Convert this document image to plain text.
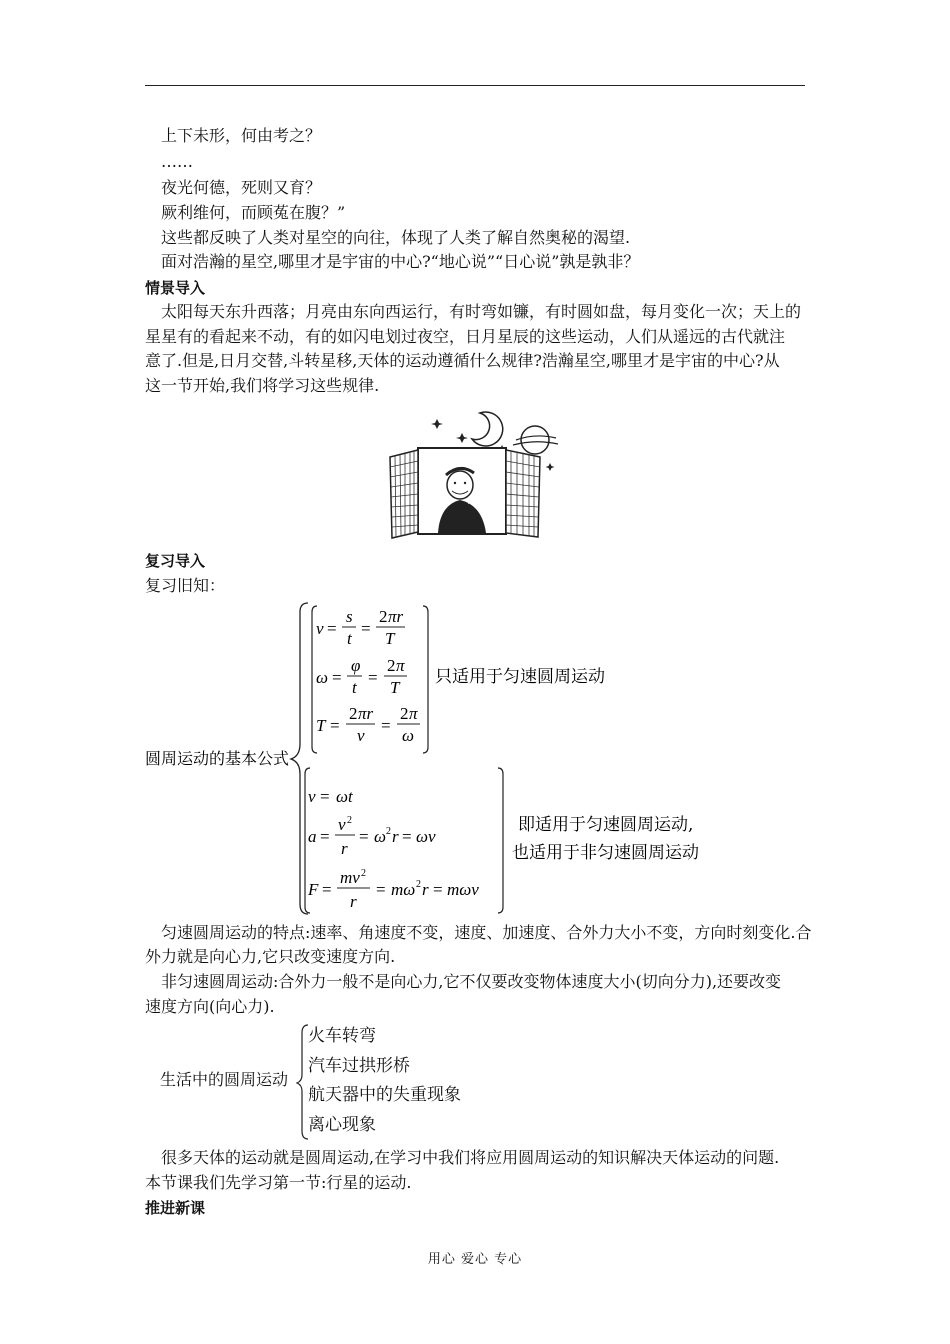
上下未形，何由考之？
……
夜光何德，死则又育？
厥利维何，而顾菟在腹？”
这些都反映了人类对星空的向往，体现了人类了解自然奥秘的渴望.
面对浩瀚的星空,哪里才是宇宙的中心?“地心说”“日心说”孰是孰非？
情景导入
太阳每天东升西落；月亮由东向西运行，有时弯如镰，有时圆如盘，每月变化一次；天上的
星星有的看起来不动，有的如闪电划过夜空，日月星辰的这些运动，人们从遥远的古代就注
意了.但是,日月交替,斗转星移,天体的运动遵循什么规律?浩瀚星空,哪里才是宇宙的中心?从
这一节开始,我们将学习这些规律.
复习导入
复习旧知：
圆周运动的基本公式
v =
s
t
=
2 πr
T
ω =
φ
t
=
2 π
T
T =
2 πr
v
=
2 π
ω
只适用于匀速圆周运动
v = ωt
a =
v 2
r
= ω 2 r = ωv
F =
mv 2
r
= mω 2 r = mωv
即适用于匀速圆周运动,
也适用于非匀速圆周运动
匀速圆周运动的特点:速率、角速度不变，速度、加速度、合外力大小不变，方向时刻变化.合
外力就是向心力,它只改变速度方向.
非匀速圆周运动:合外力一般不是向心力,它不仅要改变物体速度大小(切向分力),还要改变
速度方向(向心力).
生活中的圆周运动
火车转弯
汽车过拱形桥
航天器中的失重现象
离心现象
很多天体的运动就是圆周运动,在学习中我们将应用圆周运动的知识解决天体运动的问题.
本节课我们先学习第一节:行星的运动.
推进新课
用心 爱心 专心
